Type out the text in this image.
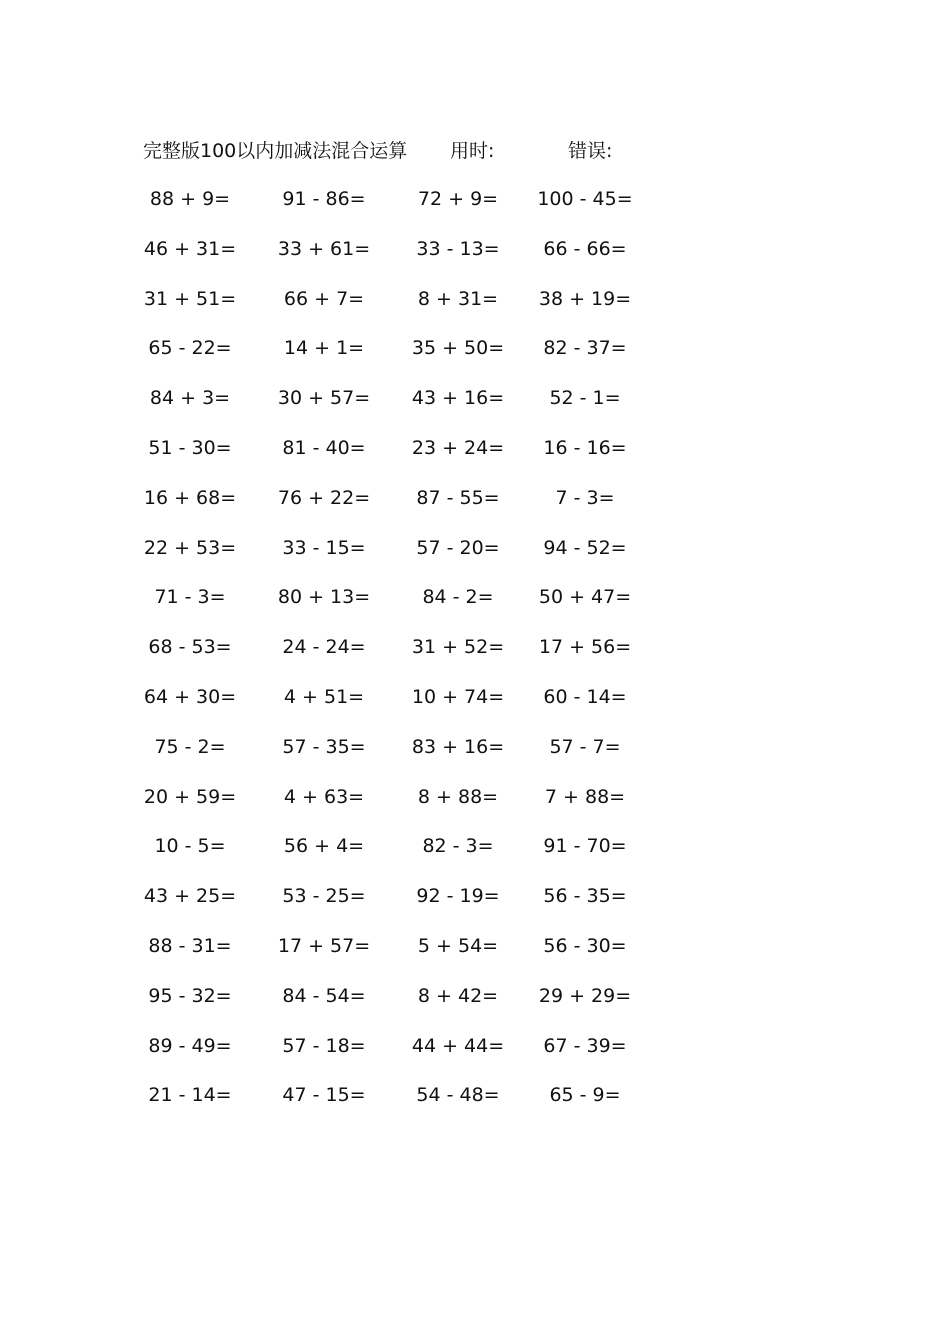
完整版100以内加减法混合运算 用时:	错误:
88 + 9=	91 - 86=	72 + 9=	100 - 45=
46 + 31=	33 + 61=	33 - 13=	66 - 66=
31 + 51=	66 + 7=	8 + 31=	38 + 19=
65 - 22=	14 + 1=	35 + 50=	82 - 37=
84 + 3=	30 + 57=	43 + 16=	52 - 1=
51 - 30=	81 - 40=	23 + 24=	16 - 16=
16 + 68=	76 + 22=	87 - 55=	7 - 3=
22 + 53=	33 - 15=	57 - 20=	94 - 52=
71 - 3=	80 + 13=	84 - 2=	50 + 47=
68 - 53=	24 - 24=	31 + 52=	17 + 56=
64 + 30=	4 + 51=	10 + 74=	60 - 14=
75 - 2=	57 - 35=	83 + 16=	57 - 7=
20 + 59=	4 + 63=	8 + 88=	7 + 88=
10 - 5=	56 + 4=	82 - 3=	91 - 70=
43 + 25=	53 - 25=	92 - 19=	56 - 35=
88 - 31=	17 + 57=	5 + 54=	56 - 30=
95 - 32=	84 - 54=	8 + 42=	29 + 29=
89 - 49=	57 - 18=	44 + 44=	67 - 39=
21 - 14=	47 - 15=	54 - 48=	65 - 9=
